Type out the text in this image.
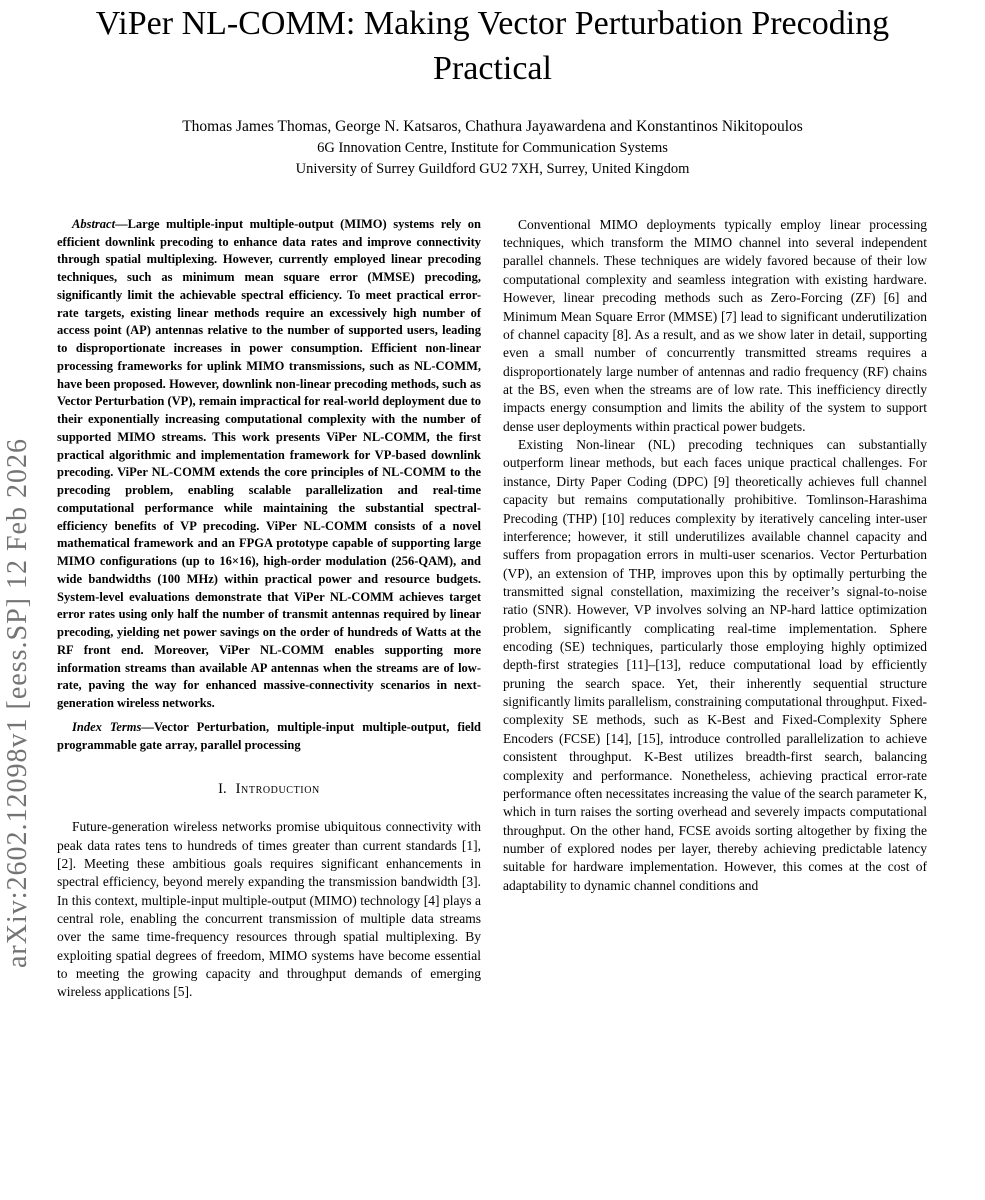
arXiv:2602.12098v1 [eess.SP] 12 Feb 2026
ViPer NL-COMM: Making Vector Perturbation Precoding Practical
Thomas James Thomas, George N. Katsaros, Chathura Jayawardena and Konstantinos Nikitopoulos
6G Innovation Centre, Institute for Communication Systems
University of Surrey Guildford GU2 7XH, Surrey, United Kingdom

Abstract—Large multiple-input multiple-output (MIMO) systems rely on efficient downlink precoding to enhance data rates and improve connectivity through spatial multiplexing. However, currently employed linear precoding techniques, such as minimum mean square error (MMSE) precoding, significantly limit the achievable spectral efficiency. To meet practical error-rate targets, existing linear methods require an excessively high number of access point (AP) antennas relative to the number of supported users, leading to disproportionate increases in power consumption. Efficient non-linear processing frameworks for uplink MIMO transmissions, such as NL-COMM, have been proposed. However, downlink non-linear precoding methods, such as Vector Perturbation (VP), remain impractical for real-world deployment due to their exponentially increasing computational complexity with the number of supported MIMO streams. This work presents ViPer NL-COMM, the first practical algorithmic and implementation framework for VP-based downlink precoding. ViPer NL-COMM extends the core principles of NL-COMM to the precoding problem, enabling scalable parallelization and real-time computational performance while maintaining the substantial spectral-efficiency benefits of VP precoding. ViPer NL-COMM consists of a novel mathematical framework and an FPGA prototype capable of supporting large MIMO configurations (up to 16×16), high-order modulation (256-QAM), and wide bandwidths (100 MHz) within practical power and resource budgets. System-level evaluations demonstrate that ViPer NL-COMM achieves target error rates using only half the number of transmit antennas required by linear precoding, yielding net power savings on the order of hundreds of Watts at the RF front end. Moreover, ViPer NL-COMM enables supporting more information streams than available AP antennas when the streams are of low-rate, paving the way for enhanced massive-connectivity scenarios in next-generation wireless networks.

Index Terms—Vector Perturbation, multiple-input multiple-output, field programmable gate array, parallel processing

I. Introduction

Future-generation wireless networks promise ubiquitous connectivity with peak data rates tens to hundreds of times greater than current standards [1], [2]. Meeting these ambitious goals requires significant enhancements in spectral efficiency, beyond merely expanding the transmission bandwidth [3]. In this context, multiple-input multiple-output (MIMO) technology [4] plays a central role, enabling the concurrent transmission of multiple data streams over the same time-frequency resources through spatial multiplexing. By exploiting spatial degrees of freedom, MIMO systems have become essential to meeting the growing capacity and throughput demands of emerging wireless applications [5].

Conventional MIMO deployments typically employ linear processing techniques, which transform the MIMO channel into several independent parallel channels. These techniques are widely favored because of their low computational complexity and seamless integration with existing hardware. However, linear precoding methods such as Zero-Forcing (ZF) [6] and Minimum Mean Square Error (MMSE) [7] lead to significant underutilization of channel capacity [8]. As a result, and as we show later in detail, supporting even a small number of concurrently transmitted streams requires a disproportionately large number of antennas and radio frequency (RF) chains at the BS, even when the streams are of low rate. This inefficiency directly impacts energy consumption and limits the ability of the system to support dense user deployments within practical power budgets.

Existing Non-linear (NL) precoding techniques can substantially outperform linear methods, but each faces unique practical challenges. For instance, Dirty Paper Coding (DPC) [9] theoretically achieves full channel capacity but remains computationally prohibitive. Tomlinson-Harashima Precoding (THP) [10] reduces complexity by iteratively canceling inter-user interference; however, it still underutilizes available channel capacity and suffers from propagation errors in multi-user scenarios. Vector Perturbation (VP), an extension of THP, improves upon this by optimally perturbing the transmitted signal constellation, maximizing the receiver’s signal-to-noise ratio (SNR). However, VP involves solving an NP-hard lattice optimization problem, significantly complicating real-time implementation. Sphere encoding (SE) techniques, particularly those employing highly optimized depth-first strategies [11]–[13], reduce computational load by efficiently pruning the search space. Yet, their inherently sequential structure significantly limits parallelism, constraining computational throughput. Fixed-complexity SE methods, such as K-Best and Fixed-Complexity Sphere Encoders (FCSE) [14], [15], introduce controlled parallelization to achieve consistent throughput. K-Best utilizes breadth-first search, balancing complexity and performance. Nonetheless, achieving practical error-rate performance often necessitates increasing the value of the search parameter K, which in turn raises the sorting overhead and severely impacts computational throughput. On the other hand, FCSE avoids sorting altogether by fixing the number of explored nodes per layer, thereby achieving predictable latency suitable for hardware implementation. However, this comes at the cost of adaptability to dynamic channel conditions and
